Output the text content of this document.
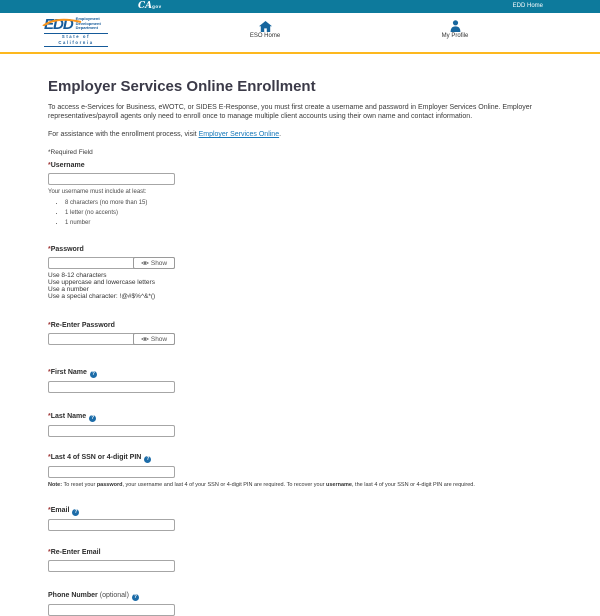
CAgov	EDD Home
EDD Employment
Development
Department
State of California
ESO Home	My Profile
Employer Services Online Enrollment

To access e-Services for Business, eWOTC, or SIDES E-Response, you must first create a username and password in Employer Services Online. Employer representatives/payroll agents only need to enroll once to manage multiple client accounts using their own name and contact information.

For assistance with the enrollment process, visit Employer Services Online.

*Required Field

*Username
Your username must include at least:
• 8 characters (no more than 15)
• 1 letter (no accents)
• 1 number
*Password
Show
Use 8-12 characters
Use uppercase and lowercase letters
Use a number
Use a special character: !@#$%^&*()
*Re-Enter Password
Show
*First Name ?
*Last Name ?
*Last 4 of SSN or 4-digit PIN ?

Note: To reset your password, your username and last 4 of your SSN or 4-digit PIN are required. To recover your username, the last 4 of your SSN or 4-digit PIN are required.

*Email ?
*Re-Enter Email
Phone Number (optional) ?
